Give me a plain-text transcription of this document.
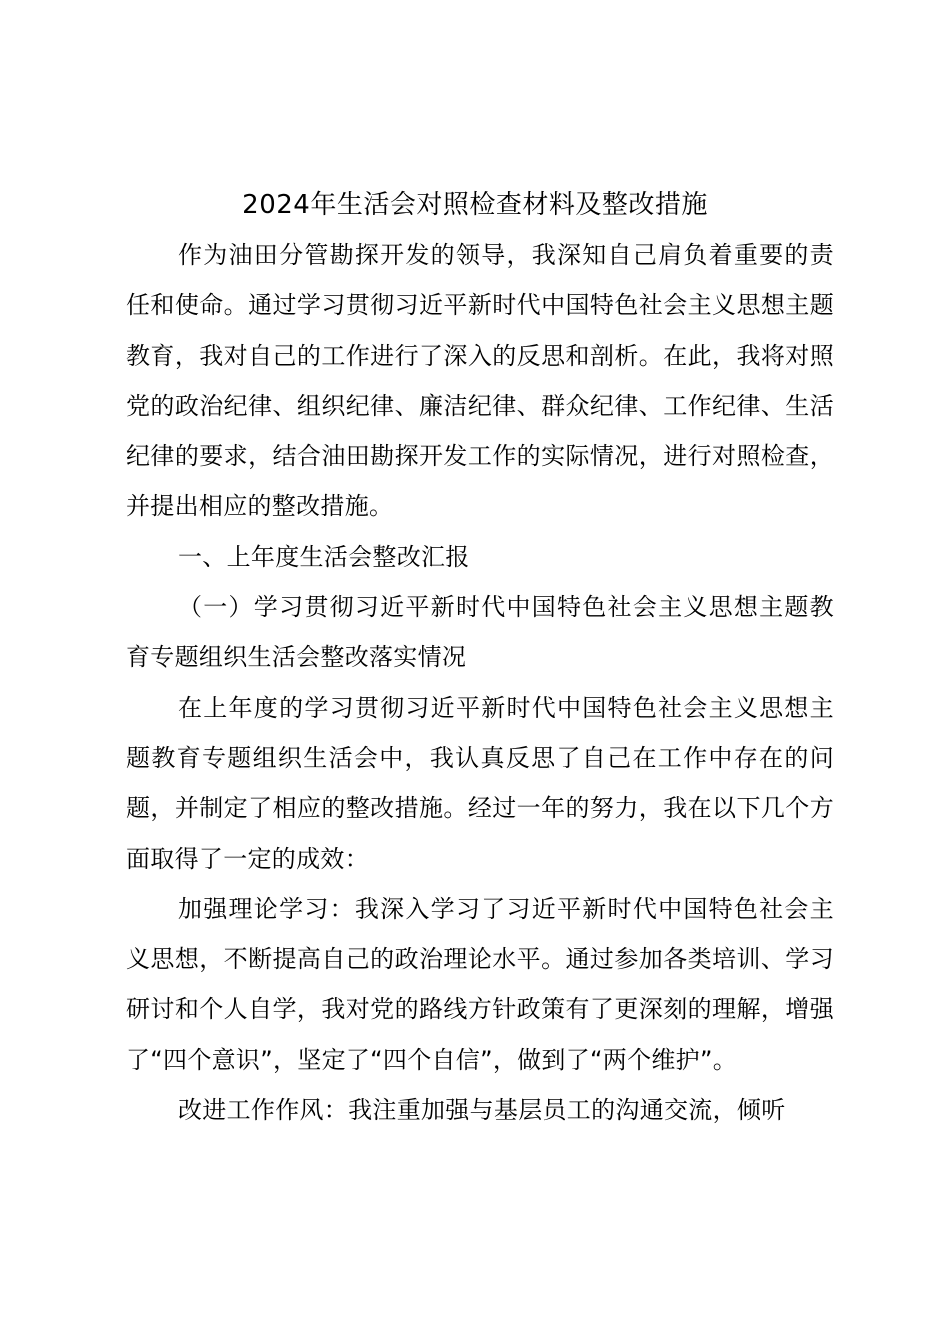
2024年生活会对照检查材料及整改措施

作为油田分管勘探开发的领导，我深知自己肩负着重要的责任和使命。通过学习贯彻习近平新时代中国特色社会主义思想主题教育，我对自己的工作进行了深入的反思和剖析。在此，我将对照党的政治纪律、组织纪律、廉洁纪律、群众纪律、工作纪律、生活纪律的要求，结合油田勘探开发工作的实际情况，进行对照检查，并提出相应的整改措施。

一、上年度生活会整改汇报

（一）学习贯彻习近平新时代中国特色社会主义思想主题教育专题组织生活会整改落实情况

在上年度的学习贯彻习近平新时代中国特色社会主义思想主题教育专题组织生活会中，我认真反思了自己在工作中存在的问题，并制定了相应的整改措施。经过一年的努力，我在以下几个方面取得了一定的成效：

加强理论学习：我深入学习了习近平新时代中国特色社会主义思想，不断提高自己的政治理论水平。通过参加各类培训、学习研讨和个人自学，我对党的路线方针政策有了更深刻的理解，增强了“四个意识”，坚定了“四个自信”，做到了“两个维护”。

改进工作作风：我注重加强与基层员工的沟通交流，倾听
